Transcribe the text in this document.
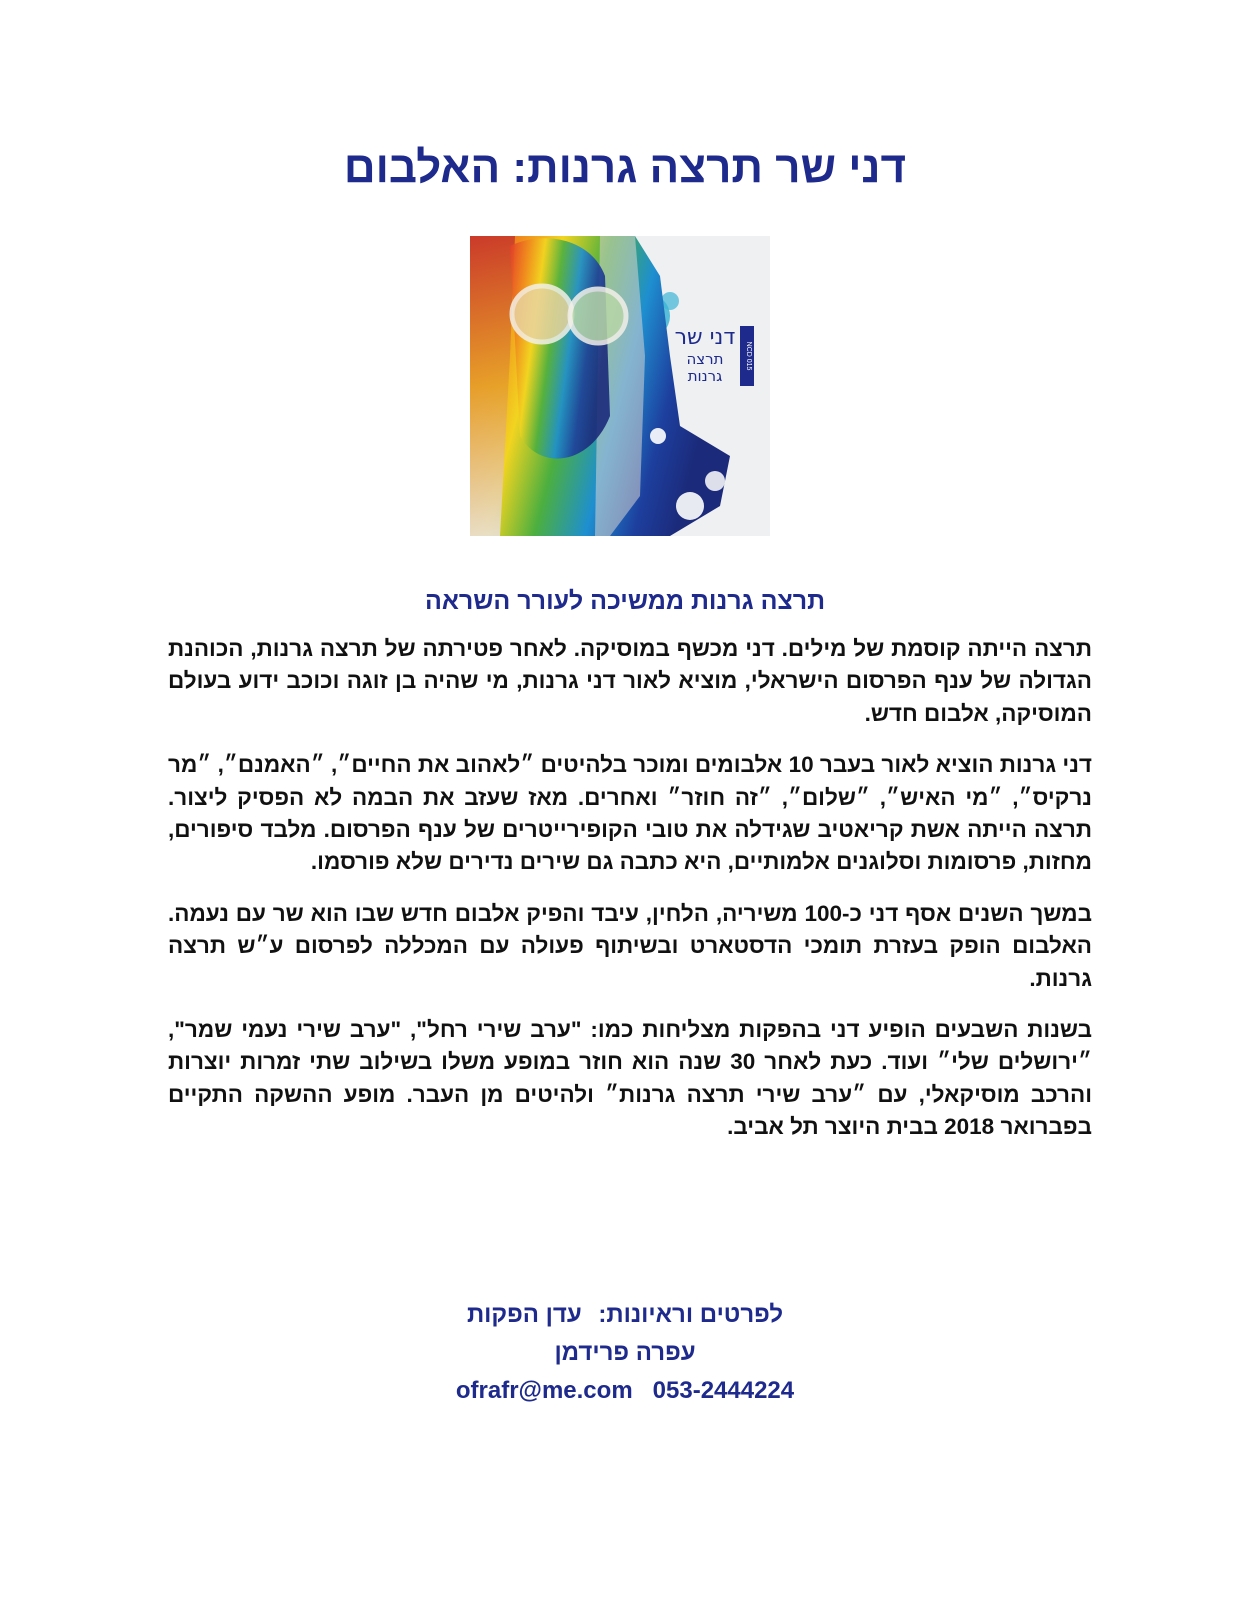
דני שר תרצה גרנות: האלבום
NCD 015
דני שר
תרצה
גרנות
תרצה גרנות ממשיכה לעורר השראה

תרצה הייתה קוסמת של מילים. דני מכשף במוסיקה. לאחר פטירתה של תרצה גרנות, הכוהנת הגדולה של ענף הפרסום הישראלי, מוציא לאור דני גרנות, מי שהיה בן זוגה וכוכב ידוע בעולם המוסיקה, אלבום חדש.

דני גרנות הוציא לאור בעבר 10 אלבומים ומוכר בלהיטים ״לאהוב את החיים״, ״האמנם״, ״מר נרקיס״, ״מי האיש״, ״שלום״, ״זה חוזר״ ואחרים. מאז שעזב את הבמה לא הפסיק ליצור. תרצה הייתה אשת קריאטיב שגידלה את טובי הקופירייטרים של ענף הפרסום. מלבד סיפורים, מחזות, פרסומות וסלוגנים אלמותיים, היא כתבה גם שירים נדירים שלא פורסמו.

במשך השנים אסף דני כ-100 משיריה, הלחין, עיבד והפיק אלבום חדש שבו הוא שר עם נעמה. האלבום הופק בעזרת תומכי הדסטארט ובשיתוף פעולה עם המכללה לפרסום ע״ש תרצה גרנות.

בשנות השבעים הופיע דני בהפקות מצליחות כמו: "ערב שירי רחל", "ערב שירי נעמי שמר", ״ירושלים שלי״ ועוד. כעת לאחר 30 שנה הוא חוזר במופע משלו בשילוב שתי זמרות יוצרות והרכב מוסיקאלי, עם ״ערב שירי תרצה גרנות״ ולהיטים מן העבר. מופע ההשקה התקיים בפברואר 2018 בבית היוצר תל אביב.

לפרטים וראיונות: עדן הפקות
עפרה פרידמן
ofrafr@me.com 053-2444224
